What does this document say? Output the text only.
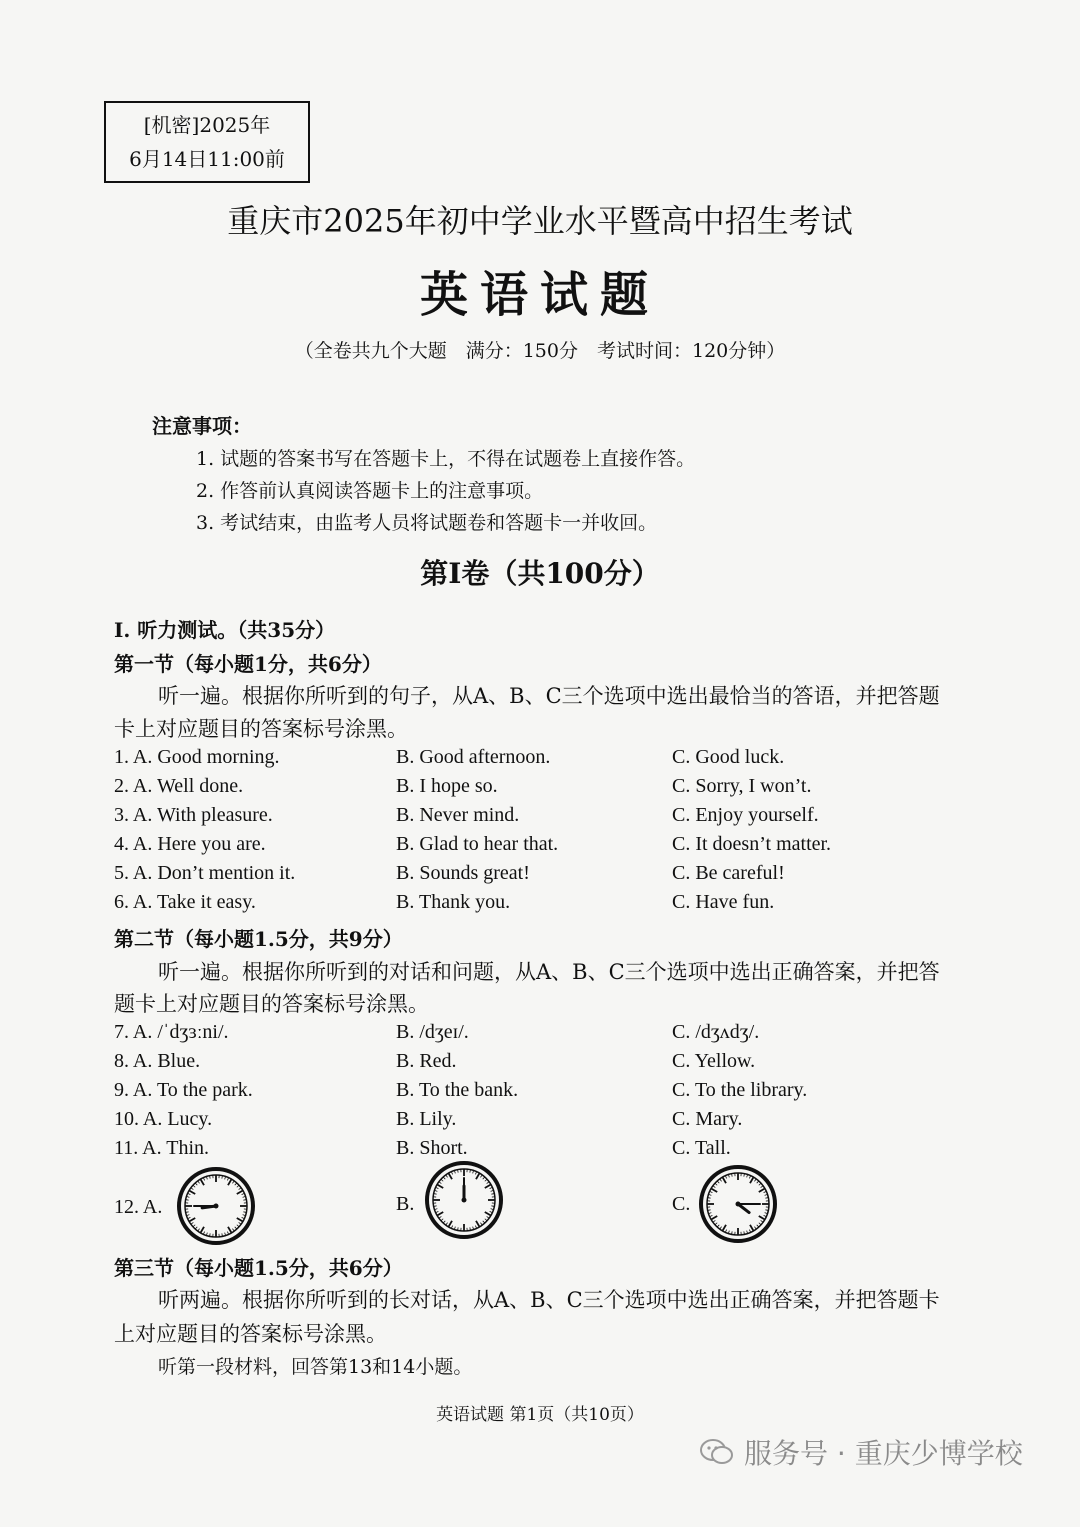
[机密]2025年
6月14日11:00前
重庆市2025年初中学业水平暨高中招生考试
英语试题
（全卷共九个大题　满分：150分　考试时间：120分钟）
注意事项：
1. 试题的答案书写在答题卡上，不得在试题卷上直接作答。
2. 作答前认真阅读答题卡上的注意事项。
3. 考试结束，由监考人员将试题卷和答题卡一并收回。
第Ⅰ卷（共100分）
I. 听力测试。（共35分）
第一节（每小题1分，共6分）
听一遍。根据你所听到的句子，从A、B、C三个选项中选出最恰当的答语，并把答题
卡上对应题目的答案标号涂黑。
1. A. Good morning.	B. Good afternoon.	C. Good luck.
2. A. Well done.	B. I hope so.	C. Sorry, I won’t.
3. A. With pleasure.	B. Never mind.	C. Enjoy yourself.
4. A. Here you are.	B. Glad to hear that.	C. It doesn’t matter.
5. A. Don’t mention it.	B. Sounds great!	C. Be careful!
6. A. Take it easy.	B. Thank you.	C. Have fun.
第二节（每小题1.5分，共9分）
听一遍。根据你所听到的对话和问题，从A、B、C三个选项中选出正确答案，并把答
题卡上对应题目的答案标号涂黑。
7. A. /ˈdʒɜːni/.	B. /dʒeɪ/.	C. /dʒʌdʒ/.
8. A. Blue.	B. Red.	C. Yellow.
9. A. To the park.	B. To the bank.	C. To the library.
10. A. Lucy.	B. Lily.	C. Mary.
11. A. Thin.	B. Short.	C. Tall.
12. A.	B.	C.
第三节（每小题1.5分，共6分）
听两遍。根据你所听到的长对话，从A、B、C三个选项中选出正确答案，并把答题卡
上对应题目的答案标号涂黑。
听第一段材料，回答第13和14小题。
英语试题 第1页（共10页）
服务号 · 重庆少博学校
